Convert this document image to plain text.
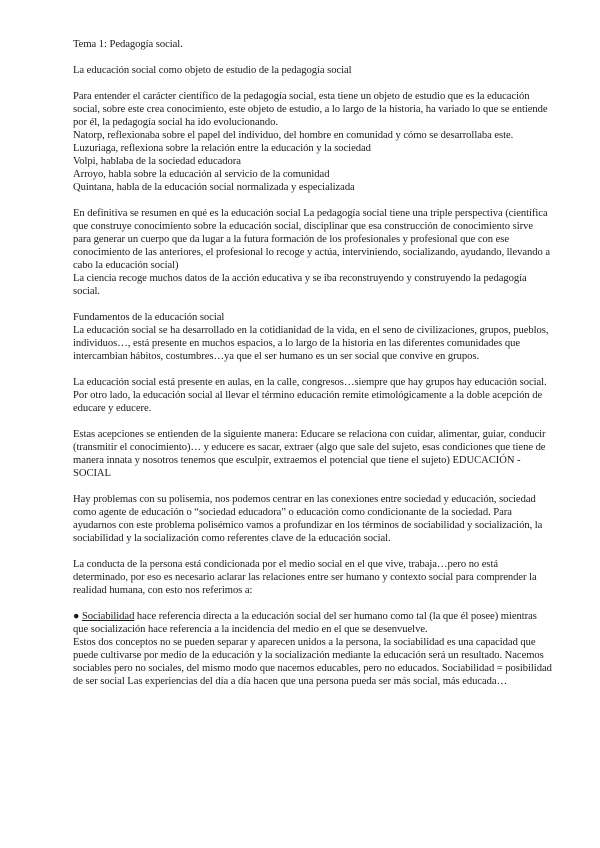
Tema 1: Pedagogía social.

La educación social como objeto de estudio de la pedagogía social

Para entender el carácter científico de la pedagogía social, esta tiene un objeto de estudio que es la educación social, sobre este crea conocimiento, este objeto de estudio, a lo largo de la historia, ha variado lo que se entiende por él, la pedagogía social ha ido evolucionando.

Natorp, reflexionaba sobre el papel del individuo, del hombre en comunidad y cómo se desarrollaba este.

Luzuriaga, reflexiona sobre la relación entre la educación y la sociedad

Volpi, hablaba de la sociedad educadora

Arroyo, habla sobre la educación al servicio de la comunidad

Quintana, habla de la educación social normalizada y especializada

En definitiva se resumen en qué es la educación social La pedagogía social tiene una triple perspectiva (científica que construye conocimiento sobre la educación social, disciplinar que esa construcción de conocimiento sirve para generar un cuerpo que da lugar a la futura formación de los profesionales y profesional que con ese conocimiento de las anteriores, el profesional lo recoge y actúa, interviniendo, socializando, ayudando, llevando a cabo la educación social)

La ciencia recoge muchos datos de la acción educativa y se iba reconstruyendo y construyendo la pedagogía social.

Fundamentos de la educación social

La educación social se ha desarrollado en la cotidianidad de la vida, en el seno de civilizaciones, grupos, pueblos, individuos…, está presente en muchos espacios, a lo largo de la historia en las diferentes comunidades que intercambian hábitos, costumbres…ya que el ser humano es un ser social que convive en grupos.

La educación social está presente en aulas, en la calle, congresos…siempre que hay grupos hay educación social. Por otro lado, la educación social al llevar el término educación remite etimológicamente a la doble acepción de educare y educere.

Estas acepciones se entienden de la siguiente manera: Educare se relaciona con cuidar, alimentar, guiar, conducir (transmitir el conocimiento)… y educere es sacar, extraer (algo que sale del sujeto, esas condiciones que tiene de manera innata y nosotros tenemos que esculpir, extraemos el potencial que tiene el sujeto) EDUCACIÓN - SOCIAL

Hay problemas con su polisemia, nos podemos centrar en las conexiones entre sociedad y educación, sociedad como agente de educación o “sociedad educadora” o educación como condicionante de la sociedad. Para ayudarnos con este problema polisémico vamos a profundizar en los términos de sociabilidad y socialización, la sociabilidad y la socialización como referentes clave de la educación social.

La conducta de la persona está condicionada por el medio social en el que vive, trabaja…pero no está determinado, por eso es necesario aclarar las relaciones entre ser humano y contexto social para comprender la realidad humana, con esto nos referimos a:

● Sociabilidad hace referencia directa a la educación social del ser humano como tal (la que él posee) mientras que socialización hace referencia a la incidencia del medio en el que se desenvuelve.

Estos dos conceptos no se pueden separar y aparecen unidos a la persona, la sociabilidad es una capacidad que puede cultivarse por medio de la educación y la socialización mediante la educación será un resultado. Nacemos sociables pero no sociales, del mismo modo que nacemos educables, pero no educados. Sociabilidad = posibilidad de ser social Las experiencias del día a día hacen que una persona pueda ser más social, más educada…
